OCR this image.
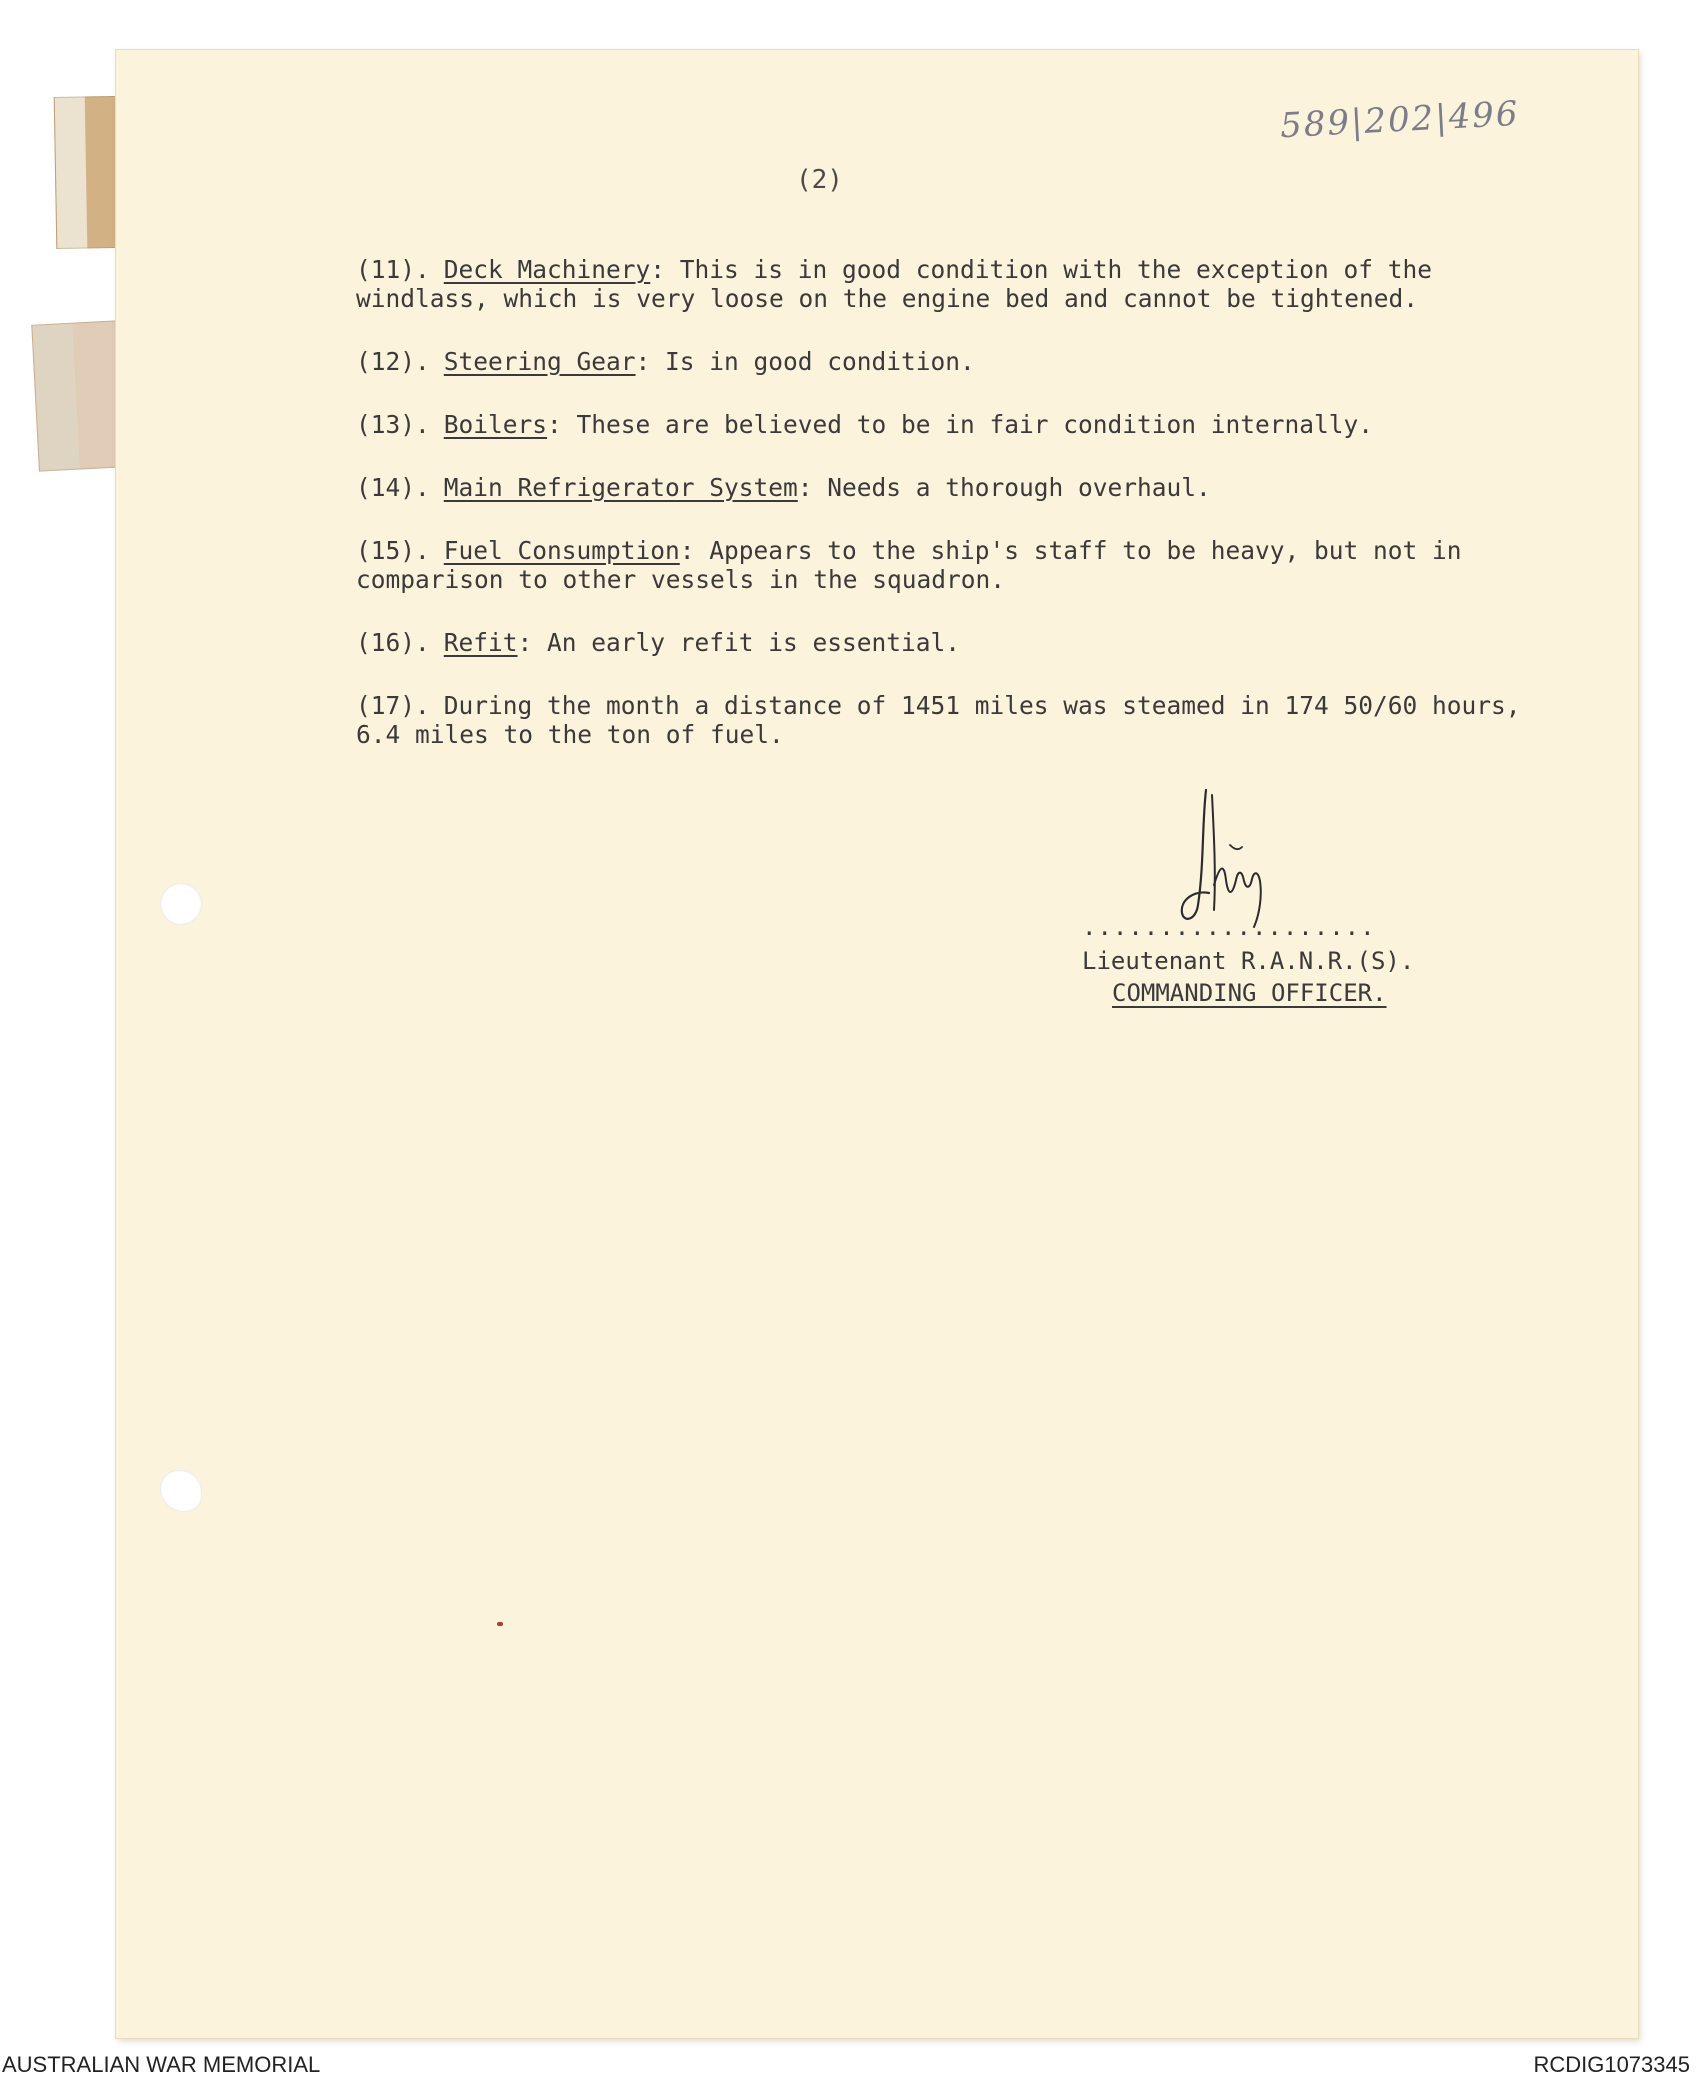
589|202|496
(2)

(11). Deck Machinery: This is in good condition with the exception of the
windlass, which is very loose on the engine bed and cannot be tightened.

(12). Steering Gear: Is in good condition.

(13). Boilers: These are believed to be in fair condition internally.

(14). Main Refrigerator System: Needs a thorough overhaul.

(15). Fuel Consumption: Appears to the ship's staff to be heavy, but not in
comparison to other vessels in the squadron.

(16). Refit: An early refit is essential.

(17). During the month a distance of 1451 miles was steamed in 174 50/60 hours,
6.4 miles to the ton of fuel.

...................
Lieutenant R.A.N.R.(S).
COMMANDING OFFICER.
AUSTRALIAN WAR MEMORIAL	RCDIG1073345
